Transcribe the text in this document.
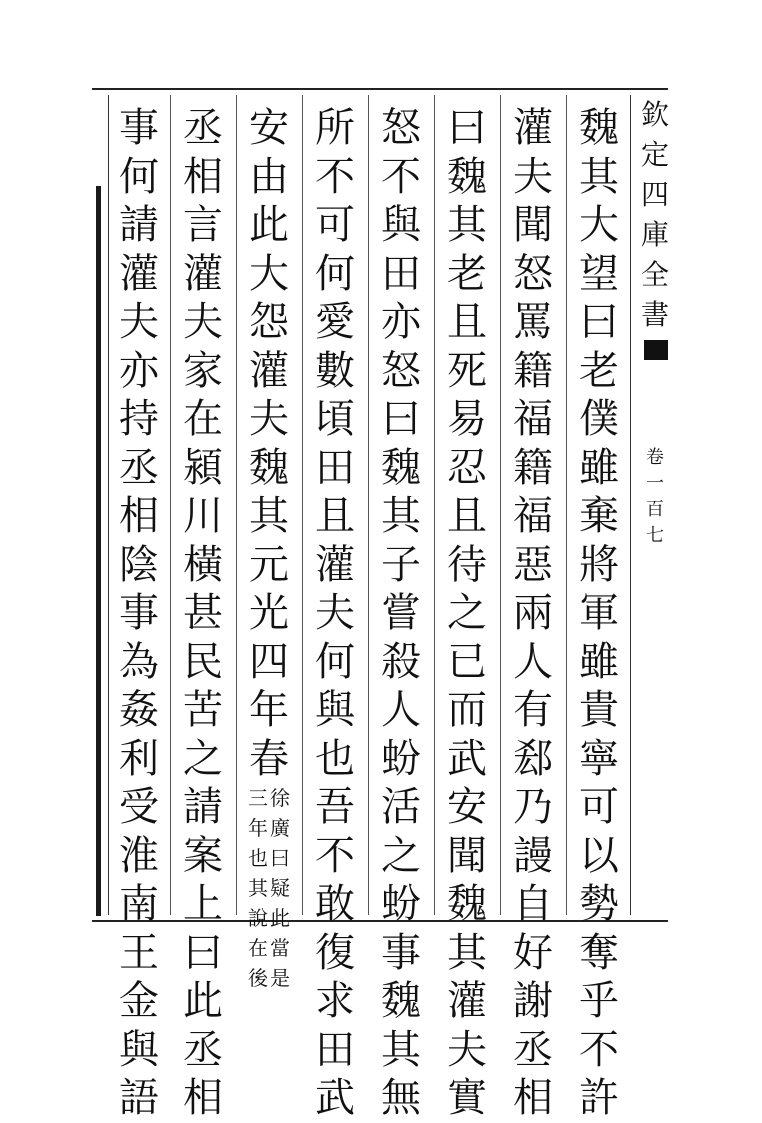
魏
其
大
望
曰
老
僕
雖
棄
將
軍
雖
貴
寧
可
以
勢
奪
乎
不
許
灌
夫
聞
怒
罵
籍
福
籍
福
惡
兩
人
有
郄
乃
謾
自
好
謝
丞
相
曰
魏
其
老
且
死
易
忍
且
待
之
已
而
武
安
聞
魏
其
灌
夫
實
怒
不
與
田
亦
怒
曰
魏
其
子
嘗
殺
人
蚡
活
之
蚡
事
魏
其
無
所
不
可
何
愛
數
頃
田
且
灌
夫
何
與
也
吾
不
敢
復
求
田
武
安
由
此
大
怨
灌
夫
魏
其
元
光
四
年
春
徐
廣
曰
疑
此
當
是
三
年
也
其
說
在
後
丞
相
言
灌
夫
家
在
潁
川
橫
甚
民
苦
之
請
案
上
曰
此
丞
相
事
何
請
灌
夫
亦
持
丞
相
陰
事
為
姦
利
受
淮
南
王
金
與
語
欽
定
四
庫
全
書
卷
一
百
七
